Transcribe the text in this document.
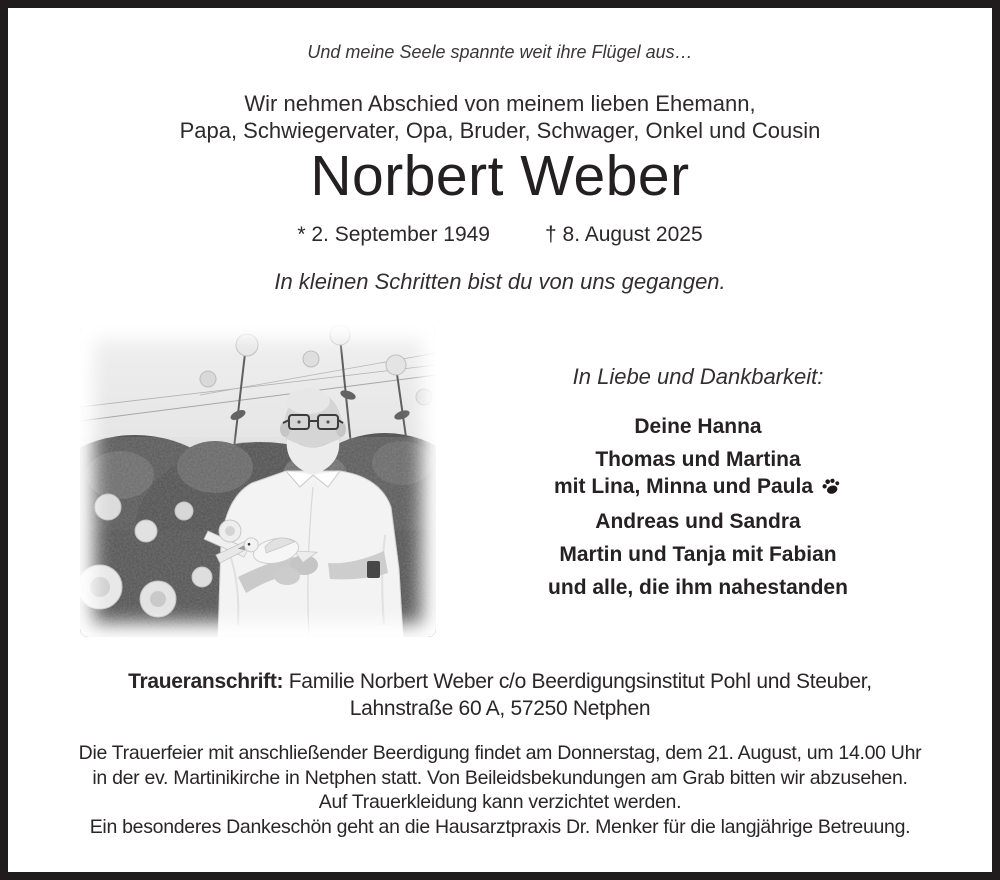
Und meine Seele spannte weit ihre Flügel aus…
Wir nehmen Abschied von meinem lieben Ehemann,
Papa, Schwiegervater, Opa, Bruder, Schwager, Onkel und Cousin
Norbert Weber
* 2. September 1949	† 8. August 2025
In kleinen Schritten bist du von uns gegangen.
In Liebe und Dankbarkeit:
Deine Hanna
Thomas und Martina
mit Lina, Minna und Paula
Andreas und Sandra
Martin und Tanja mit Fabian
und alle, die ihm nahestanden
Traueranschrift: Familie Norbert Weber c/o Beerdigungsinstitut Pohl und Steuber,
Lahnstraße 60 A, 57250 Netphen
Die Trauerfeier mit anschließender Beerdigung findet am Donnerstag, dem 21. August, um 14.00 Uhr
in der ev. Martinikirche in Netphen statt. Von Beileidsbekundungen am Grab bitten wir abzusehen.
Auf Trauerkleidung kann verzichtet werden.
Ein besonderes Dankeschön geht an die Hausarztpraxis Dr. Menker für die langjährige Betreuung.
